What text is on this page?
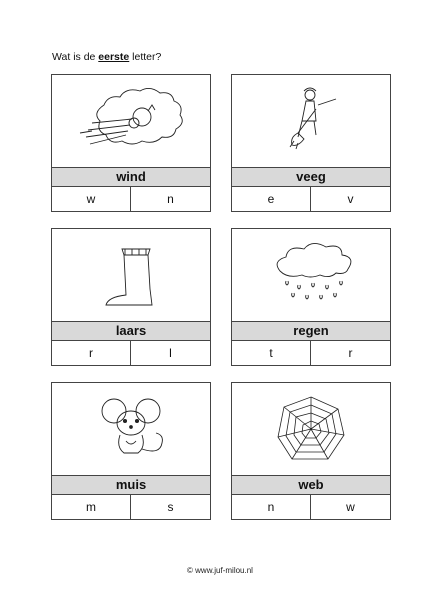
Wat is de eerste letter?
wind
w	n
veeg
e	v
laars
r	l
regen
t	r
muis
m	s
web
n	w
© www.juf-milou.nl
